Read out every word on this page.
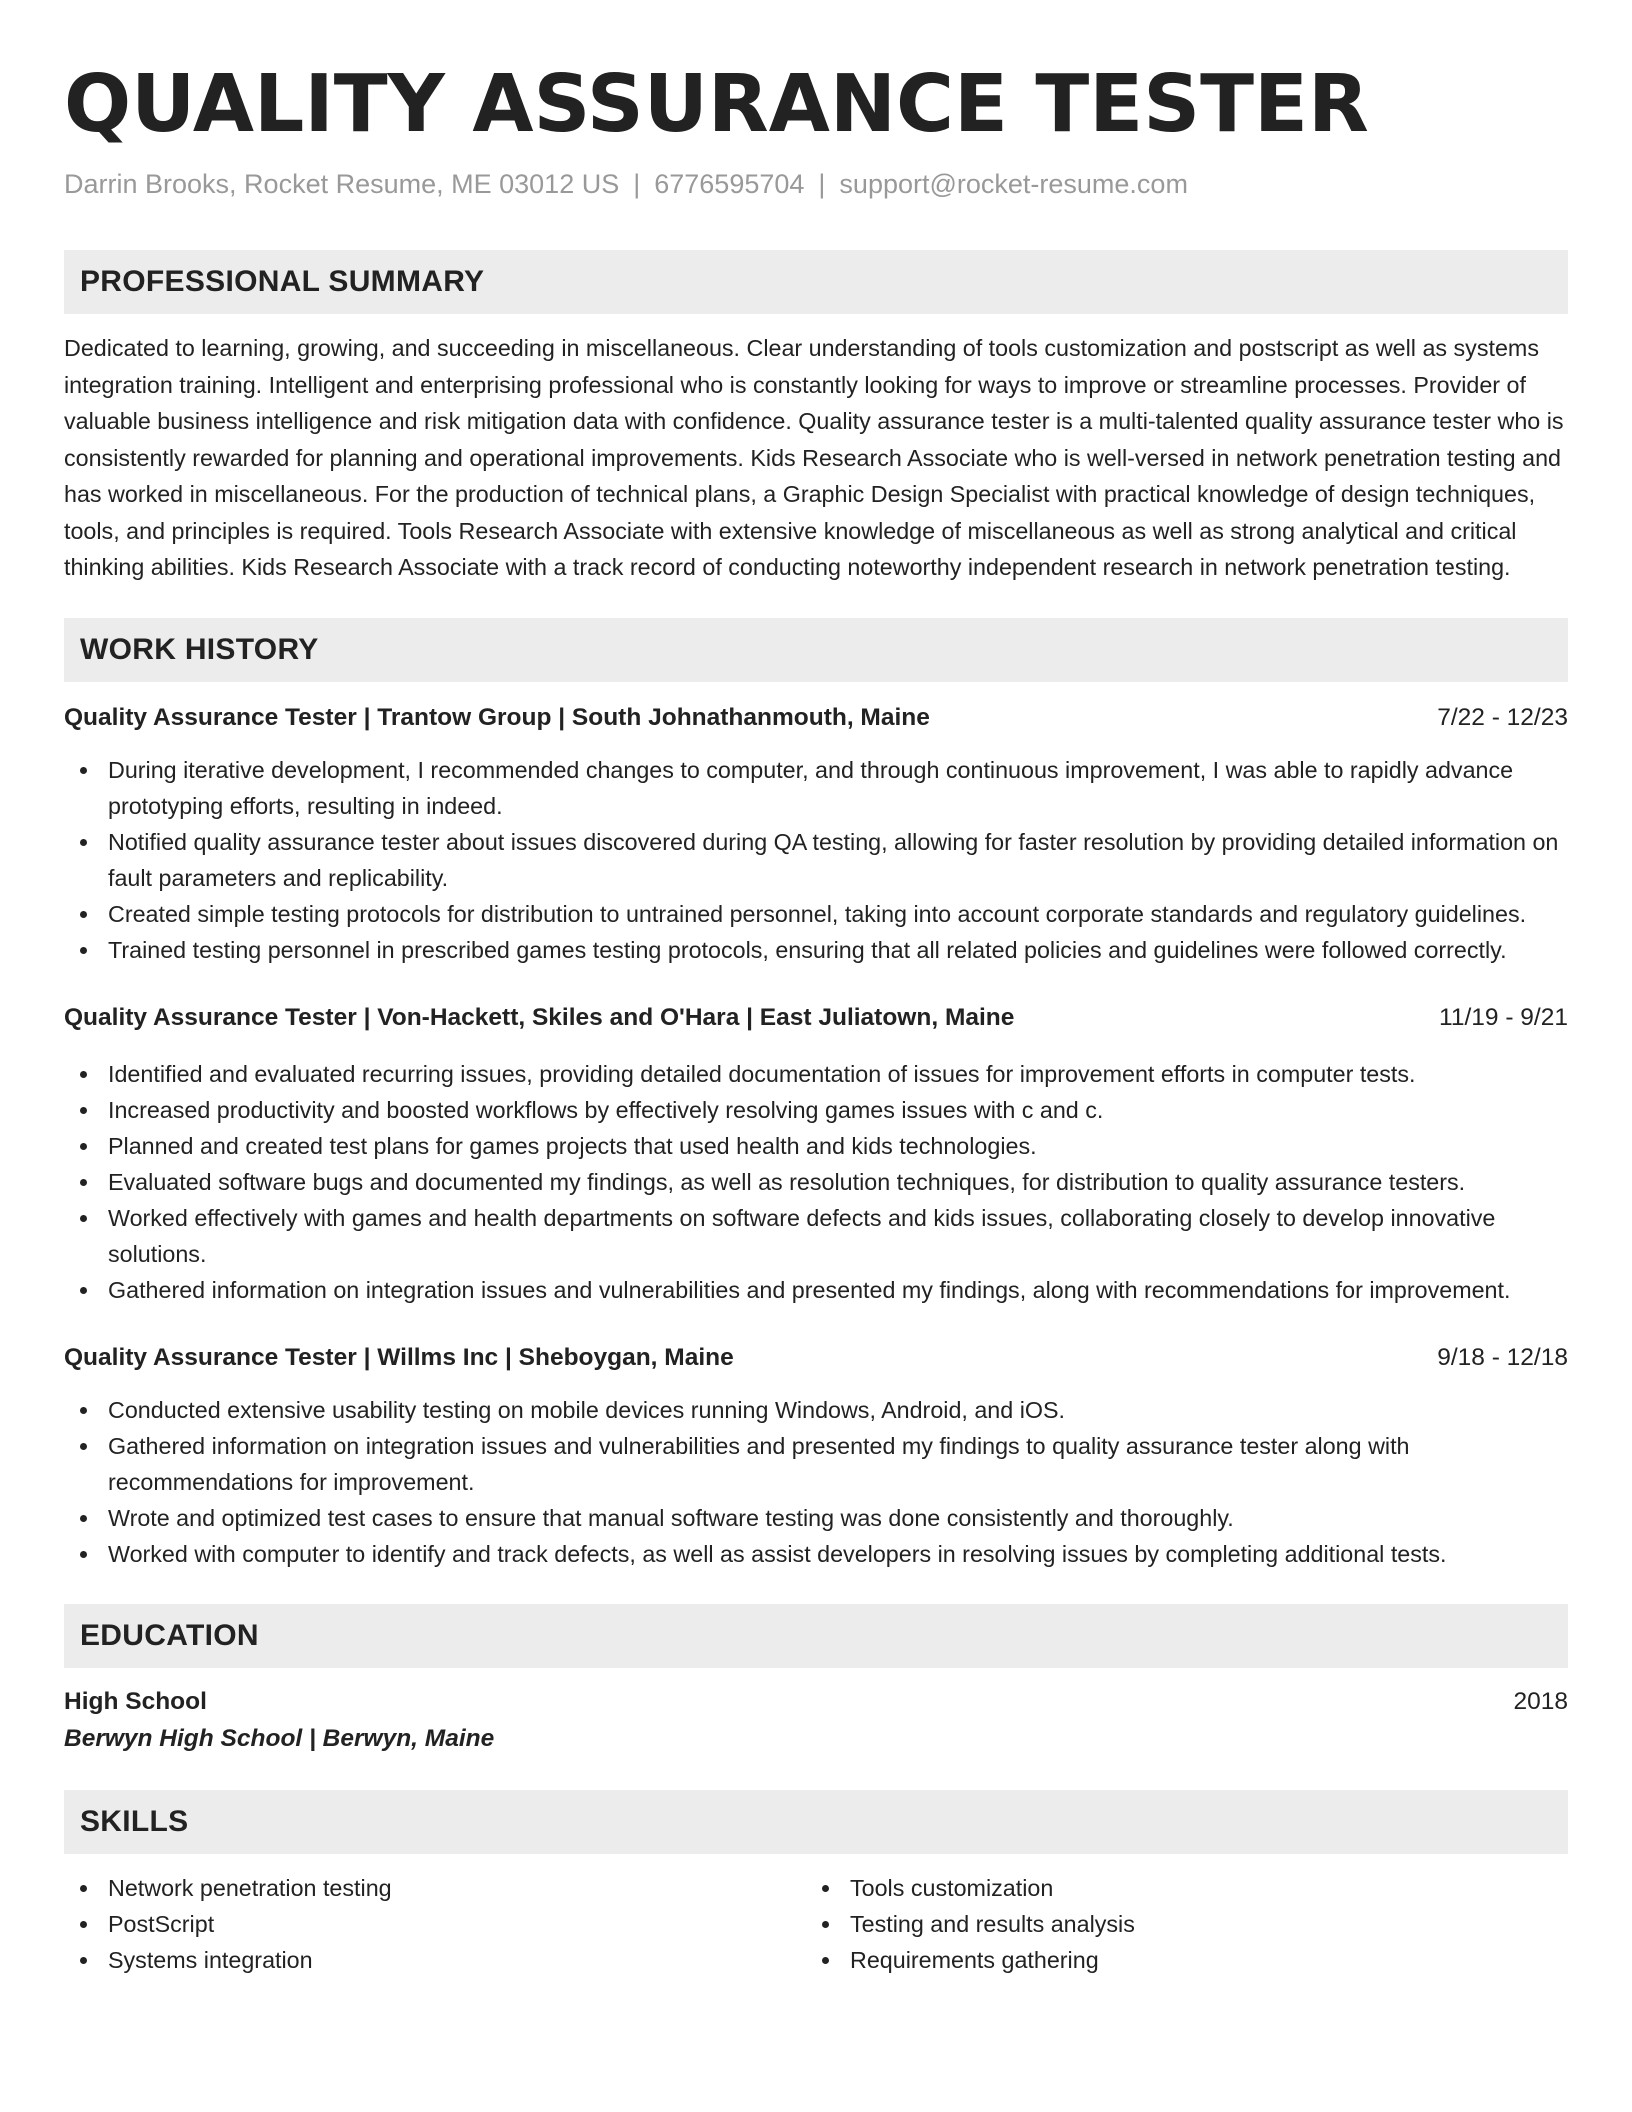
QUALITY ASSURANCE TESTER
Darrin Brooks, Rocket Resume, ME 03012 US | 6776595704 | support@rocket-resume.com
PROFESSIONAL SUMMARY

Dedicated to learning, growing, and succeeding in miscellaneous. Clear understanding of tools customization and postscript as well as systems integration training. Intelligent and enterprising professional who is constantly looking for ways to improve or streamline processes. Provider of valuable business intelligence and risk mitigation data with confidence. Quality assurance tester is a multi-talented quality assurance tester who is consistently rewarded for planning and operational improvements. Kids Research Associate who is well-versed in network penetration testing and has worked in miscellaneous. For the production of technical plans, a Graphic Design Specialist with practical knowledge of design techniques, tools, and principles is required. Tools Research Associate with extensive knowledge of miscellaneous as well as strong analytical and critical thinking abilities. Kids Research Associate with a track record of conducting noteworthy independent research in network penetration testing.

WORK HISTORY
Quality Assurance Tester | Trantow Group | South Johnathanmouth, Maine	7/22 - 12/23
During iterative development, I recommended changes to computer, and through continuous improvement, I was able to rapidly advance prototyping efforts, resulting in indeed.
Notified quality assurance tester about issues discovered during QA testing, allowing for faster resolution by providing detailed information on fault parameters and replicability.
Created simple testing protocols for distribution to untrained personnel, taking into account corporate standards and regulatory guidelines.
Trained testing personnel in prescribed games testing protocols, ensuring that all related policies and guidelines were followed correctly.
Quality Assurance Tester | Von-Hackett, Skiles and O'Hara | East Juliatown, Maine	11/19 - 9/21
Identified and evaluated recurring issues, providing detailed documentation of issues for improvement efforts in computer tests.
Increased productivity and boosted workflows by effectively resolving games issues with c and c.
Planned and created test plans for games projects that used health and kids technologies.
Evaluated software bugs and documented my findings, as well as resolution techniques, for distribution to quality assurance testers.
Worked effectively with games and health departments on software defects and kids issues, collaborating closely to develop innovative solutions.
Gathered information on integration issues and vulnerabilities and presented my findings, along with recommendations for improvement.
Quality Assurance Tester | Willms Inc | Sheboygan, Maine	9/18 - 12/18
Conducted extensive usability testing on mobile devices running Windows, Android, and iOS.
Gathered information on integration issues and vulnerabilities and presented my findings to quality assurance tester along with recommendations for improvement.
Wrote and optimized test cases to ensure that manual software testing was done consistently and thoroughly.
Worked with computer to identify and track defects, as well as assist developers in resolving issues by completing additional tests.
EDUCATION
High School	2018
Berwyn High School | Berwyn, Maine
SKILLS
Network penetration testing
PostScript
Systems integration
Tools customization
Testing and results analysis
Requirements gathering
